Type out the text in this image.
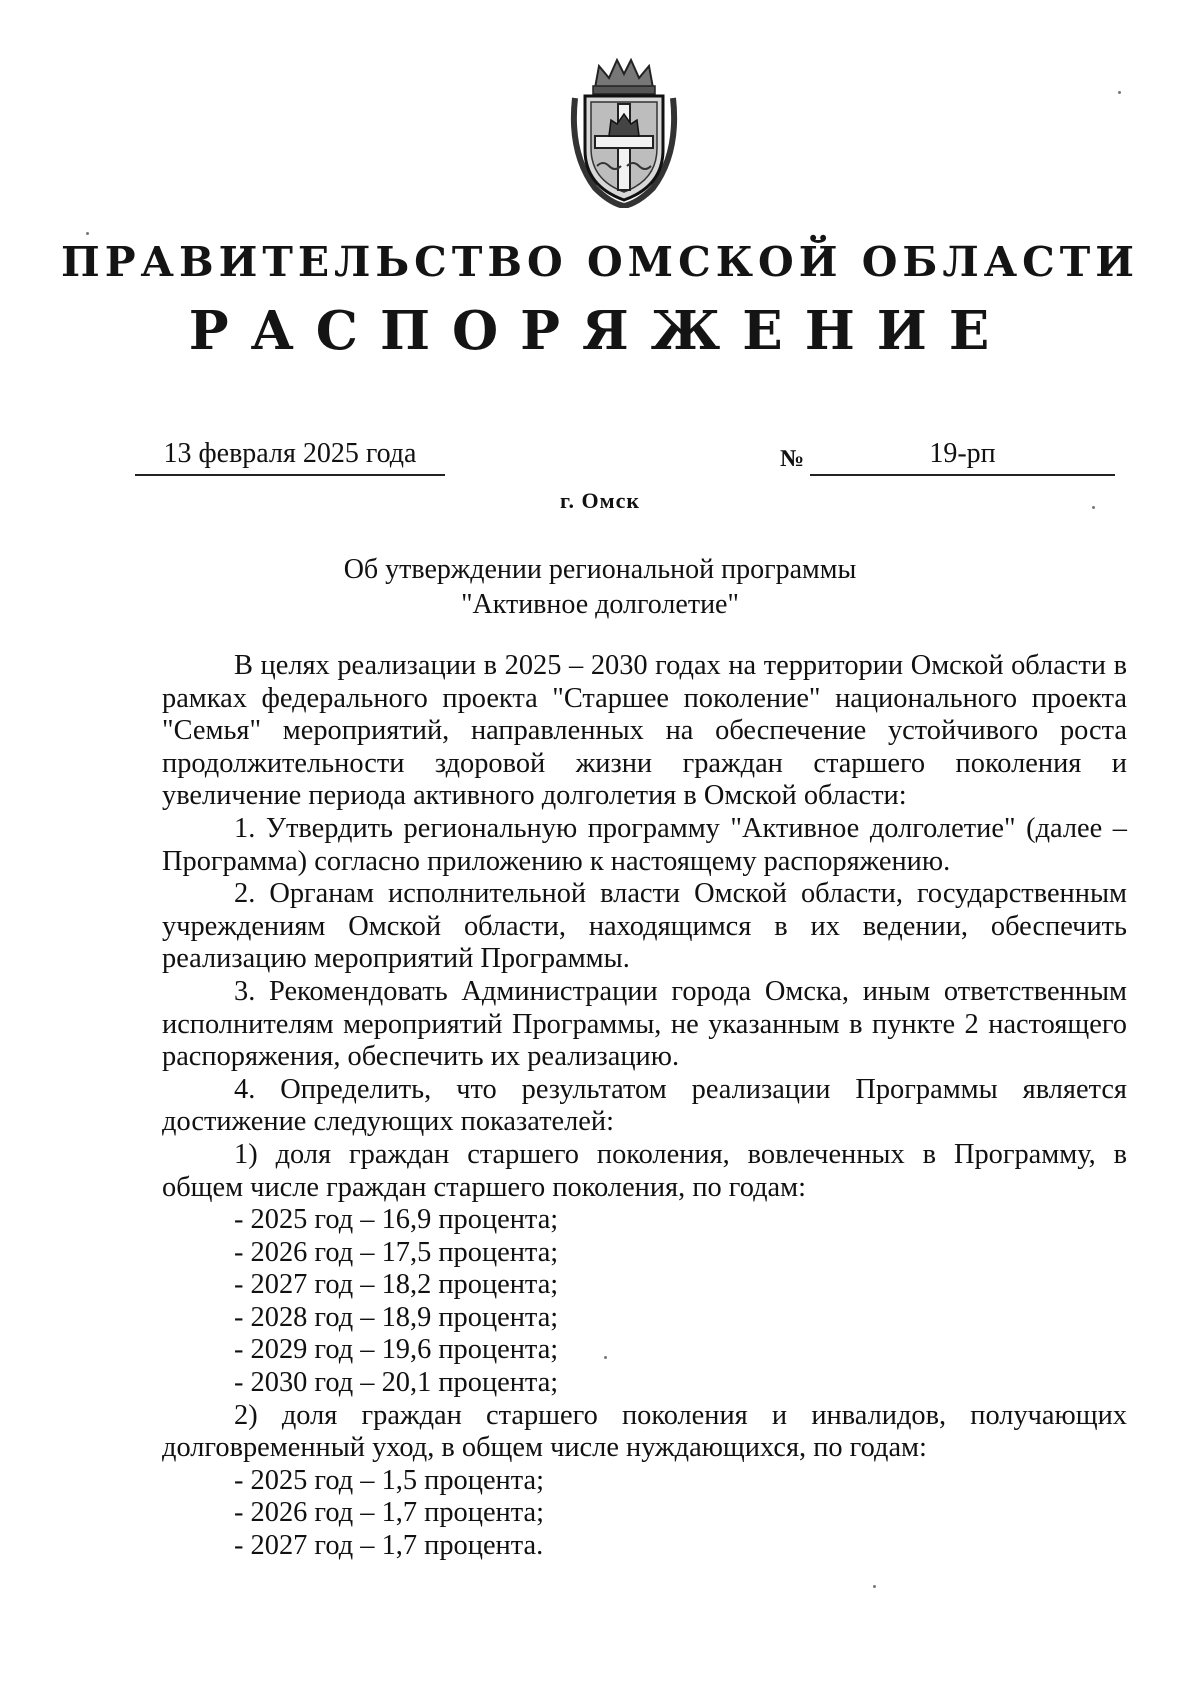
ПРАВИТЕЛЬСТВО ОМСКОЙ ОБЛАСТИ
РАСПОРЯЖЕНИЕ
13 февраля 2025 года	№	19-рп
г. Омск
Об утверждении региональной программы
"Активное долголетие"

В целях реализации в 2025 – 2030 годах на территории Омской области в рамках федерального проекта "Старшее поколение" национального проекта "Семья" мероприятий, направленных на обеспечение устойчивого роста продолжительности здоровой жизни граждан старшего поколения и увеличение периода активного долголетия в Омской области:

1. Утвердить региональную программу "Активное долголетие" (далее – Программа) согласно приложению к настоящему распоряжению.

2. Органам исполнительной власти Омской области, государственным учреждениям Омской области, находящимся в их ведении, обеспечить реализацию мероприятий Программы.

3. Рекомендовать Администрации города Омска, иным ответственным исполнителям мероприятий Программы, не указанным в пункте 2 настоящего распоряжения, обеспечить их реализацию.

4. Определить, что результатом реализации Программы является достижение следующих показателей:

1) доля граждан старшего поколения, вовлеченных в Программу, в общем числе граждан старшего поколения, по годам:

- 2025 год – 16,9 процента;
- 2026 год – 17,5 процента;
- 2027 год – 18,2 процента;
- 2028 год – 18,9 процента;
- 2029 год – 19,6 процента;
- 2030 год – 20,1 процента;

2) доля граждан старшего поколения и инвалидов, получающих долговременный уход, в общем числе нуждающихся, по годам:

- 2025 год – 1,5 процента;
- 2026 год – 1,7 процента;
- 2027 год – 1,7 процента.
